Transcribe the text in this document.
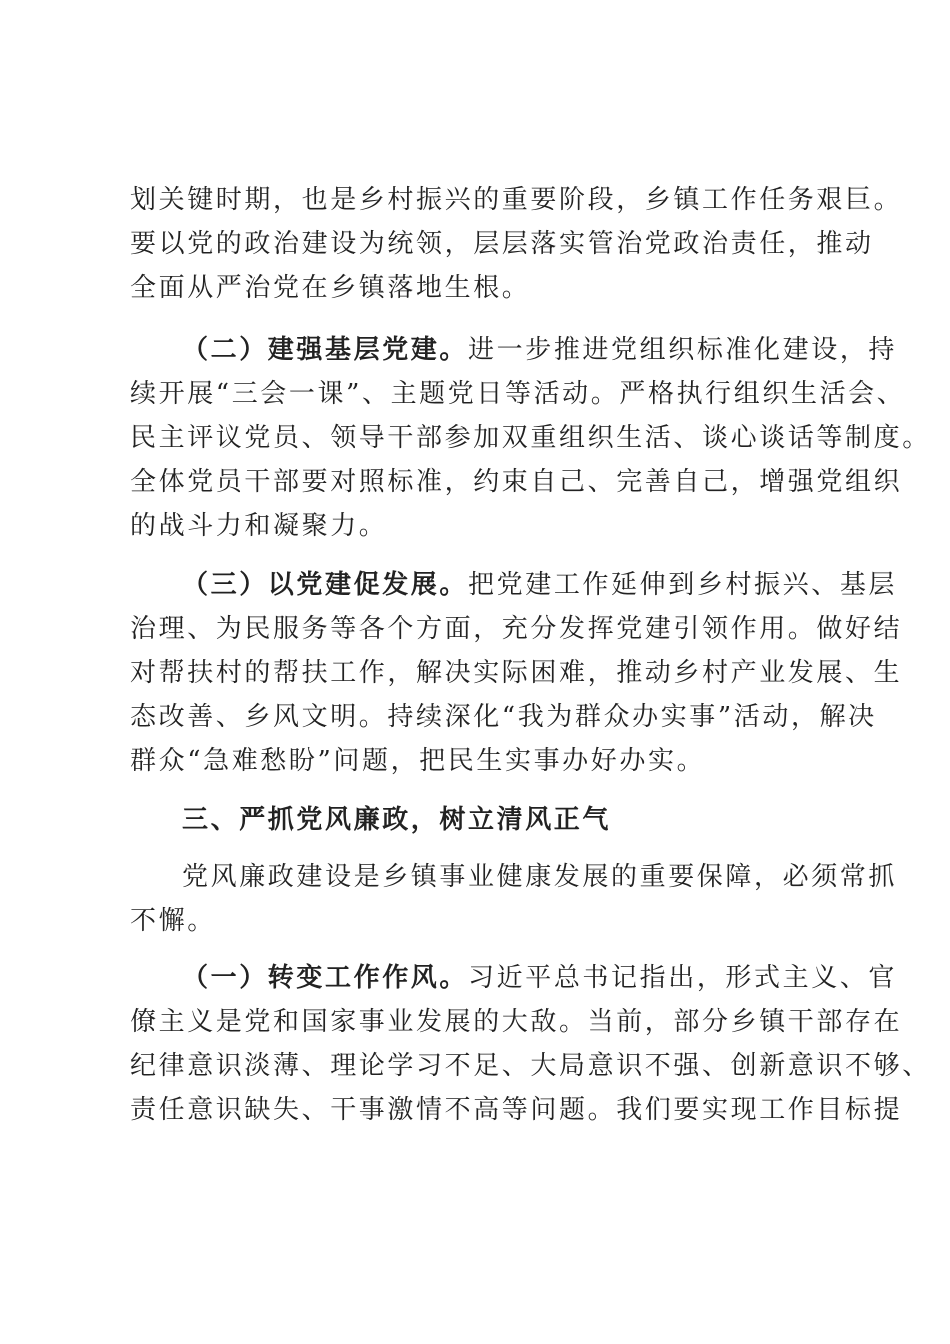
划关键时期，也是乡村振兴的重要阶段，乡镇工作任务艰巨。
要以党的政治建设为统领，层层落实管治党政治责任，推动
全面从严治党在乡镇落地生根。
（二）建强基层党建。进一步推进党组织标准化建设，持
续开展“三会一课”、主题党日等活动。严格执行组织生活会、
民主评议党员、领导干部参加双重组织生活、谈心谈话等制度。
全体党员干部要对照标准，约束自己、完善自己，增强党组织
的战斗力和凝聚力。
（三）以党建促发展。把党建工作延伸到乡村振兴、基层
治理、为民服务等各个方面，充分发挥党建引领作用。做好结
对帮扶村的帮扶工作，解决实际困难，推动乡村产业发展、生
态改善、乡风文明。持续深化“我为群众办实事”活动，解决
群众“急难愁盼”问题，把民生实事办好办实。
三、严抓党风廉政，树立清风正气
党风廉政建设是乡镇事业健康发展的重要保障，必须常抓
不懈。
（一）转变工作作风。习近平总书记指出，形式主义、官
僚主义是党和国家事业发展的大敌。当前，部分乡镇干部存在
纪律意识淡薄、理论学习不足、大局意识不强、创新意识不够、
责任意识缺失、干事激情不高等问题。我们要实现工作目标提
